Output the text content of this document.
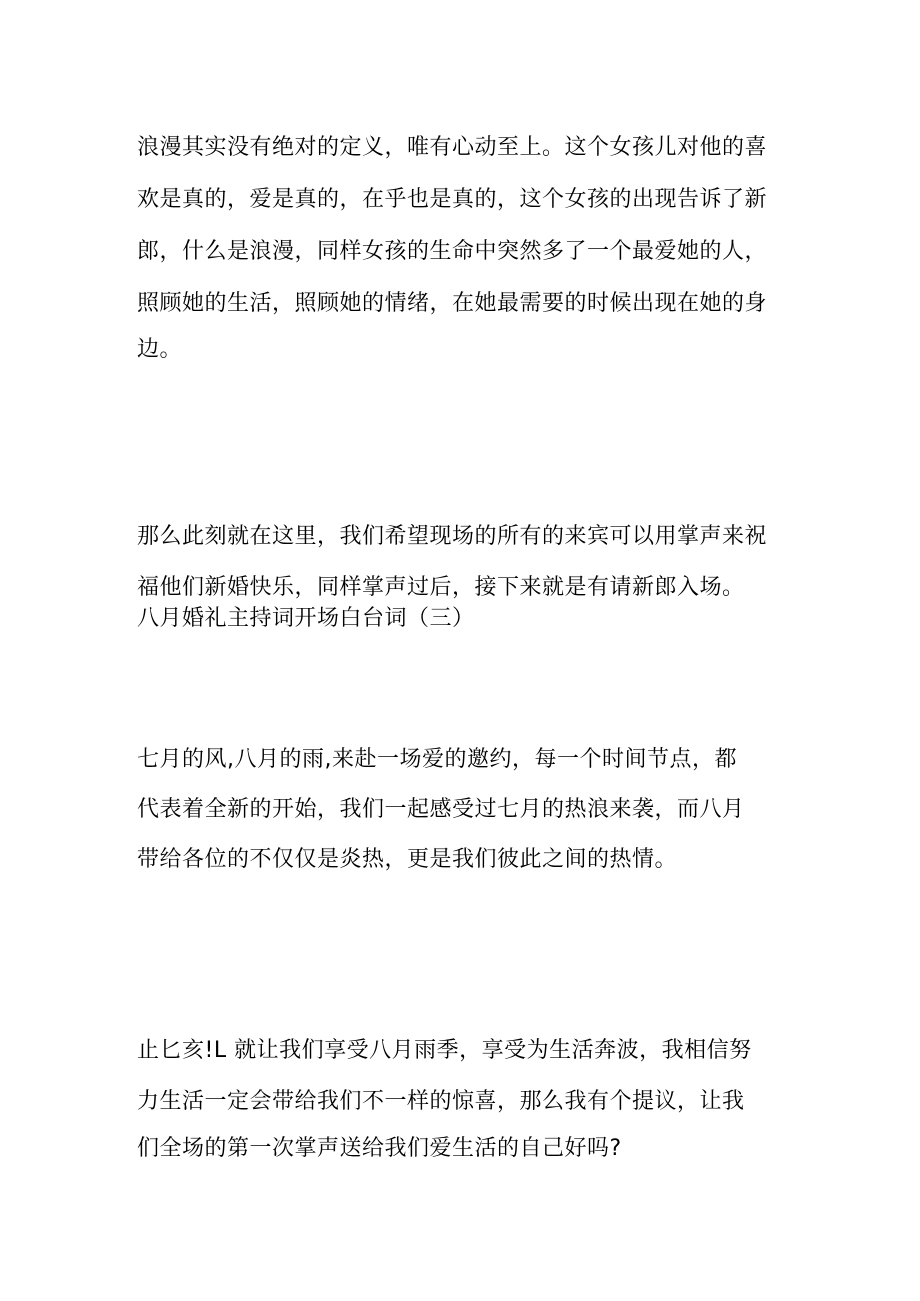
浪漫其实没有绝对的定义，唯有心动至上。这个女孩儿对他的喜
欢是真的，爱是真的，在乎也是真的，这个女孩的出现告诉了新
郎，什么是浪漫，同样女孩的生命中突然多了一个最爱她的人，
照顾她的生活，照顾她的情绪，在她最需要的时候出现在她的身
边。
那么此刻就在这里，我们希望现场的所有的来宾可以用掌声来祝
福他们新婚快乐，同样掌声过后，接下来就是有请新郎入场。
八月婚礼主持词开场白台词（三）
七月的风,八月的雨,来赴一场爱的邀约，每一个时间节点，都
代表着全新的开始，我们一起感受过七月的热浪来袭，而八月
带给各位的不仅仅是炎热，更是我们彼此之间的热情。
止匕亥!L 就让我们享受八月雨季，享受为生活奔波，我相信努
力生活一定会带给我们不一样的惊喜，那么我有个提议，让我
们全场的第一次掌声送给我们爱生活的自己好吗?
